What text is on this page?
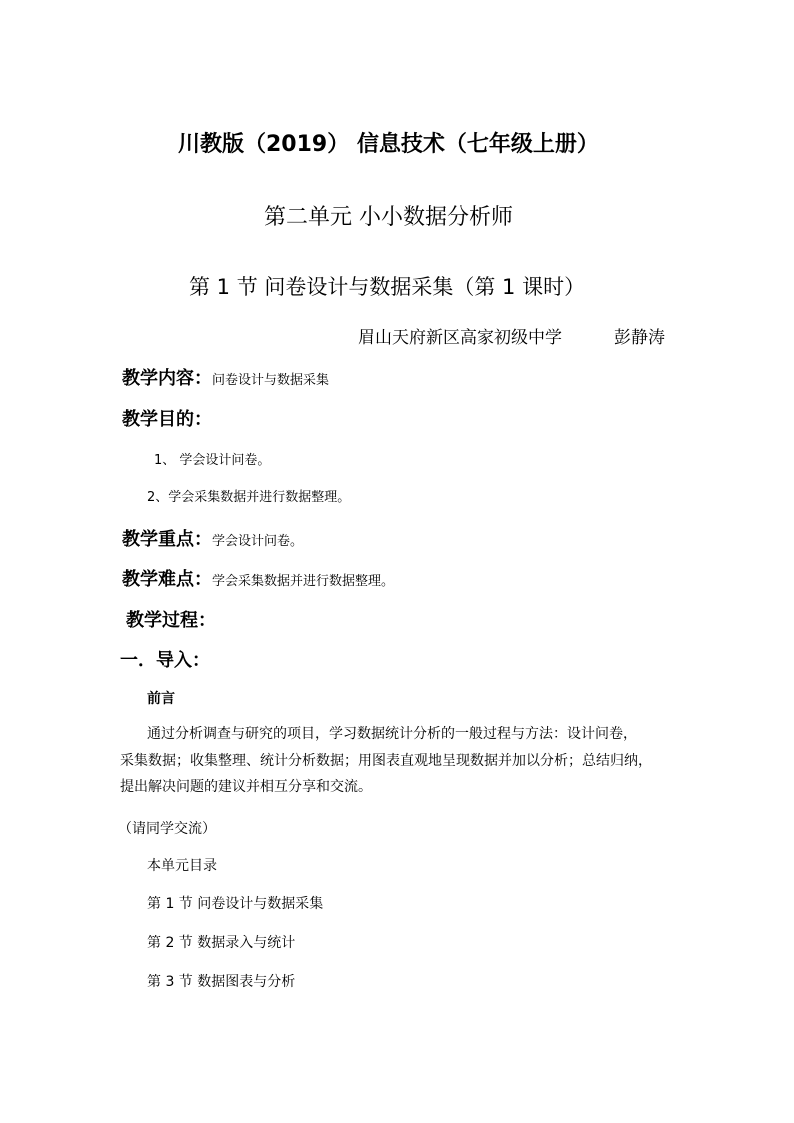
川教版（2019） 信息技术（七年级上册）
第二单元 小小数据分析师
第 1 节 问卷设计与数据采集（第 1 课时）
眉山天府新区高家初级中学	彭静涛
教学内容：问卷设计与数据采集
教学目的：
1、 学会设计问卷。
2、学会采集数据并进行数据整理。
教学重点：学会设计问卷。
教学难点：学会采集数据并进行数据整理。
教学过程：
一．导入：
前言
通过分析调查与研究的项目，学习数据统计分析的一般过程与方法：设计问卷，
采集数据；收集整理、统计分析数据；用图表直观地呈现数据并加以分析；总结归纳，
提出解决问题的建议并相互分享和交流。
（请同学交流）
本单元目录
第 1 节 问卷设计与数据采集
第 2 节 数据录入与统计
第 3 节 数据图表与分析
